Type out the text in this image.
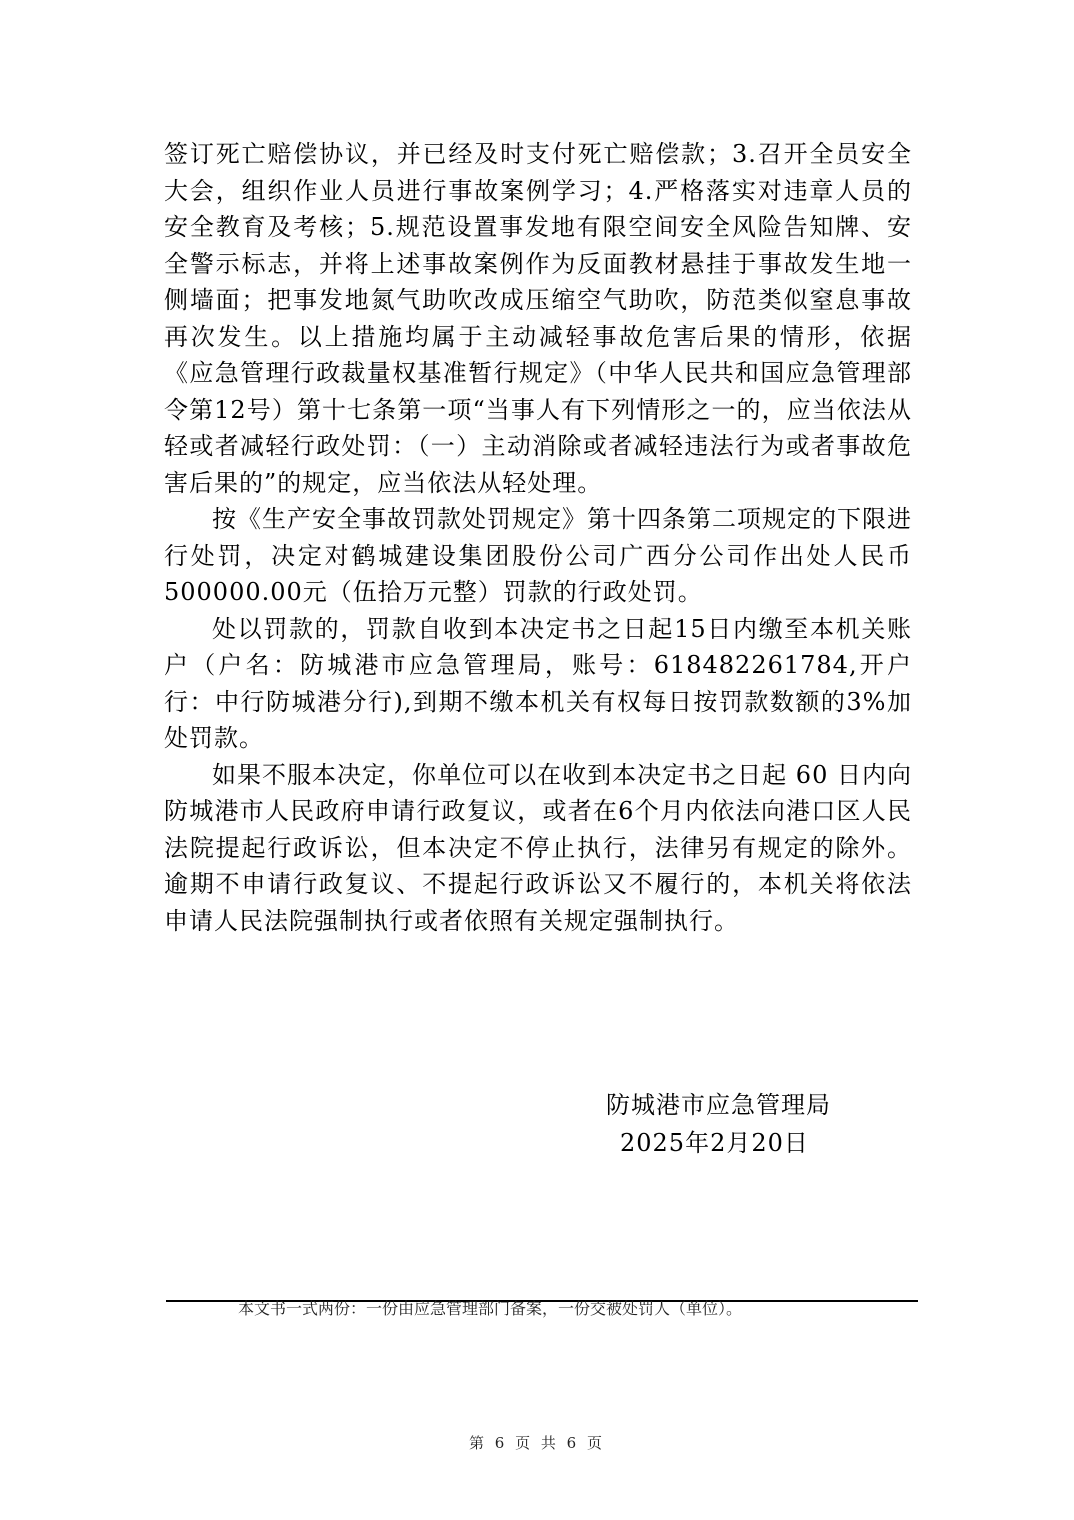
签订死亡赔偿协议，并已经及时支付死亡赔偿款；3.召开全员安全大会，组织作业人员进行事故案例学习；4.严格落实对违章人员的安全教育及考核；5.规范设置事发地有限空间安全风险告知牌、安全警示标志，并将上述事故案例作为反面教材悬挂于事故发生地一侧墙面；把事发地氮气助吹改成压缩空气助吹，防范类似窒息事故再次发生。以上措施均属于主动减轻事故危害后果的情形，依据《应急管理行政裁量权基准暂行规定》（中华人民共和国应急管理部令第12号）第十七条第一项“当事人有下列情形之一的，应当依法从轻或者减轻行政处罚：（一）主动消除或者减轻违法行为或者事故危害后果的”的规定，应当依法从轻处理。

按《生产安全事故罚款处罚规定》第十四条第二项规定的下限进行处罚，决定对鹤城建设集团股份公司广西分公司作出处人民币500000.00元（伍拾万元整）罚款的行政处罚。

处以罚款的，罚款自收到本决定书之日起15日内缴至本机关账户（户名：防城港市应急管理局，账号：618482261784,开户行：中行防城港分行),到期不缴本机关有权每日按罚款数额的3%加处罚款。

如果不服本决定，你单位可以在收到本决定书之日起 60 日内向防城港市人民政府申请行政复议，或者在6个月内依法向港口区人民法院提起行政诉讼，但本决定不停止执行，法律另有规定的除外。逾期不申请行政复议、不提起行政诉讼又不履行的，本机关将依法申请人民法院强制执行或者依照有关规定强制执行。

防城港市应急管理局
2025年2月20日
本文书一式两份：一份由应急管理部门备案，一份交被处罚人（单位）。
第 6 页 共 6 页
